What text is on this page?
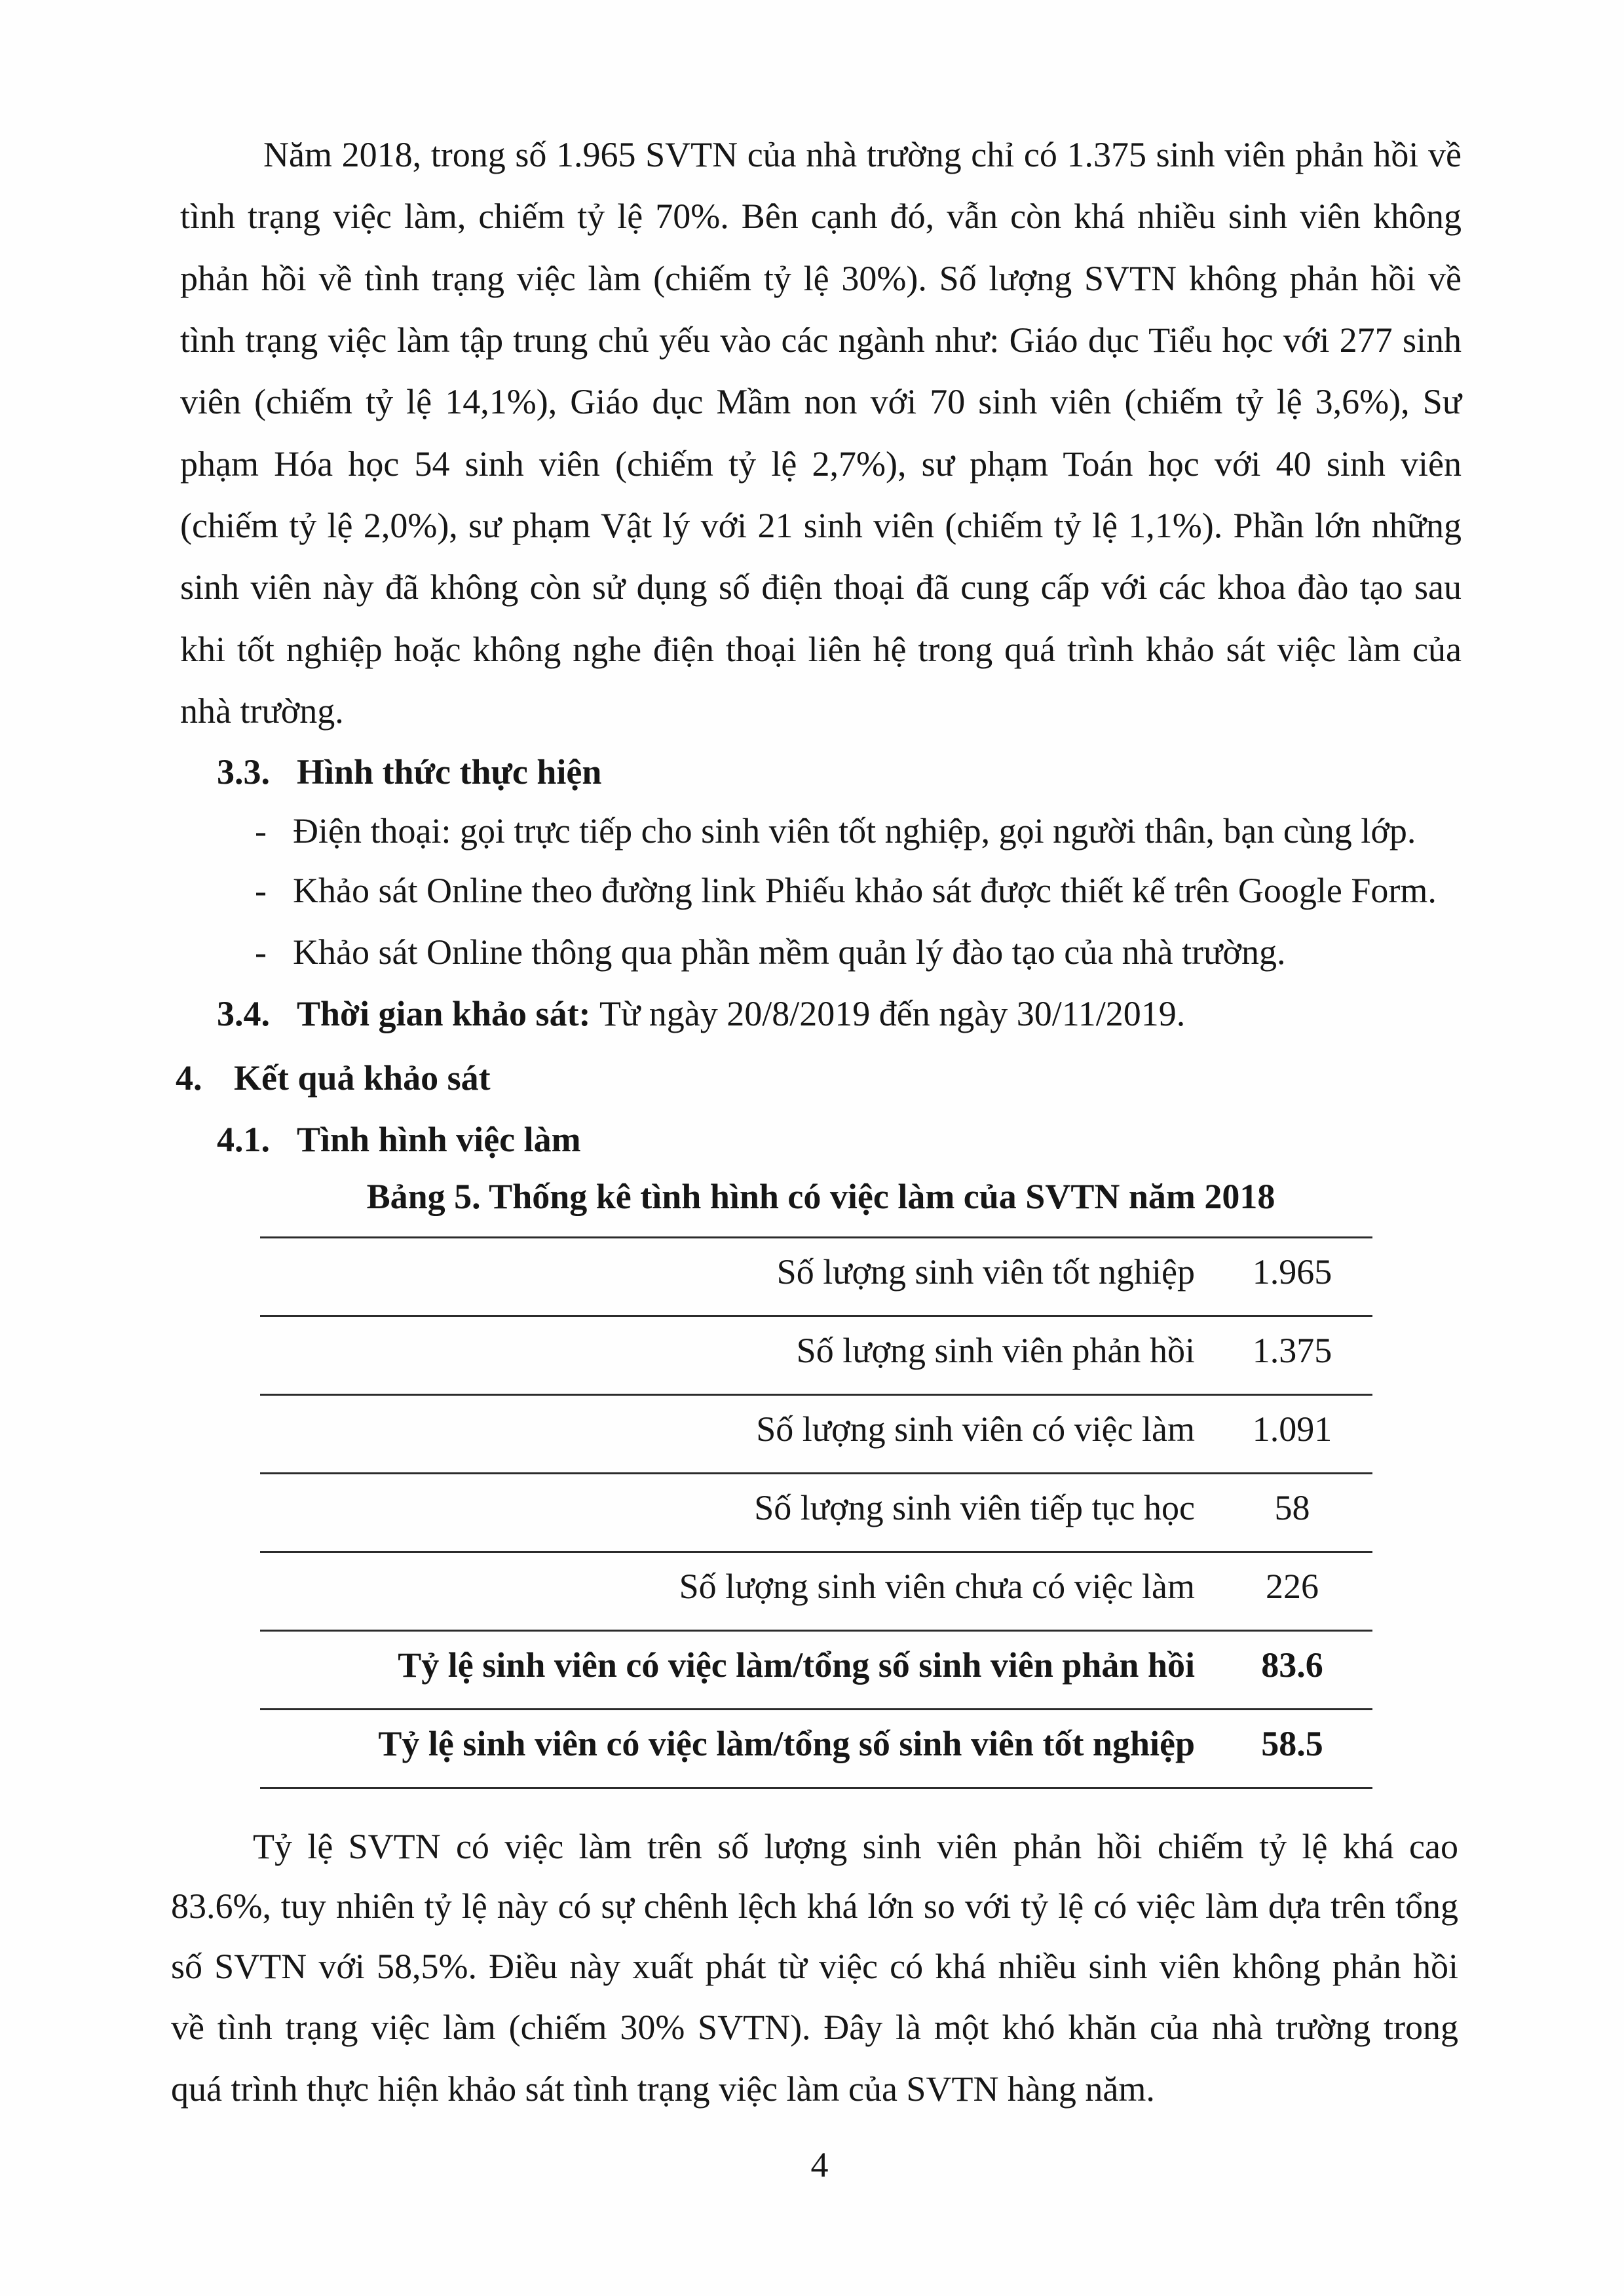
Năm 2018, trong số 1.965 SVTN của nhà trường chỉ có 1.375 sinh viên phản hồi về
tình trạng việc làm, chiếm tỷ lệ 70%. Bên cạnh đó, vẫn còn khá nhiều sinh viên không
phản hồi về tình trạng việc làm (chiếm tỷ lệ 30%). Số lượng SVTN không phản hồi về
tình trạng việc làm tập trung chủ yếu vào các ngành như: Giáo dục Tiểu học với 277 sinh
viên (chiếm tỷ lệ 14,1%), Giáo dục Mầm non với 70 sinh viên (chiếm tỷ lệ 3,6%), Sư
phạm Hóa học 54 sinh viên (chiếm tỷ lệ 2,7%), sư phạm Toán học với 40 sinh viên
(chiếm tỷ lệ 2,0%), sư phạm Vật lý với 21 sinh viên (chiếm tỷ lệ 1,1%). Phần lớn những
sinh viên này đã không còn sử dụng số điện thoại đã cung cấp với các khoa đào tạo sau
khi tốt nghiệp hoặc không nghe điện thoại liên hệ trong quá trình khảo sát việc làm của
nhà trường.
3.3. Hình thức thực hiện
- Điện thoại: gọi trực tiếp cho sinh viên tốt nghiệp, gọi người thân, bạn cùng lớp.
- Khảo sát Online theo đường link Phiếu khảo sát được thiết kế trên Google Form.
- Khảo sát Online thông qua phần mềm quản lý đào tạo của nhà trường.
3.4. Thời gian khảo sát: Từ ngày 20/8/2019 đến ngày 30/11/2019.
4. Kết quả khảo sát
4.1. Tình hình việc làm
Bảng 5. Thống kê tình hình có việc làm của SVTN năm 2018
Số lượng sinh viên tốt nghiệp	1.965
Số lượng sinh viên phản hồi	1.375
Số lượng sinh viên có việc làm	1.091
Số lượng sinh viên tiếp tục học	58
Số lượng sinh viên chưa có việc làm	226
Tỷ lệ sinh viên có việc làm/tổng số sinh viên phản hồi	83.6
Tỷ lệ sinh viên có việc làm/tổng số sinh viên tốt nghiệp	58.5
Tỷ lệ SVTN có việc làm trên số lượng sinh viên phản hồi chiếm tỷ lệ khá cao
83.6%, tuy nhiên tỷ lệ này có sự chênh lệch khá lớn so với tỷ lệ có việc làm dựa trên tổng
số SVTN với 58,5%. Điều này xuất phát từ việc có khá nhiều sinh viên không phản hồi
về tình trạng việc làm (chiếm 30% SVTN). Đây là một khó khăn của nhà trường trong
quá trình thực hiện khảo sát tình trạng việc làm của SVTN hàng năm.
4
